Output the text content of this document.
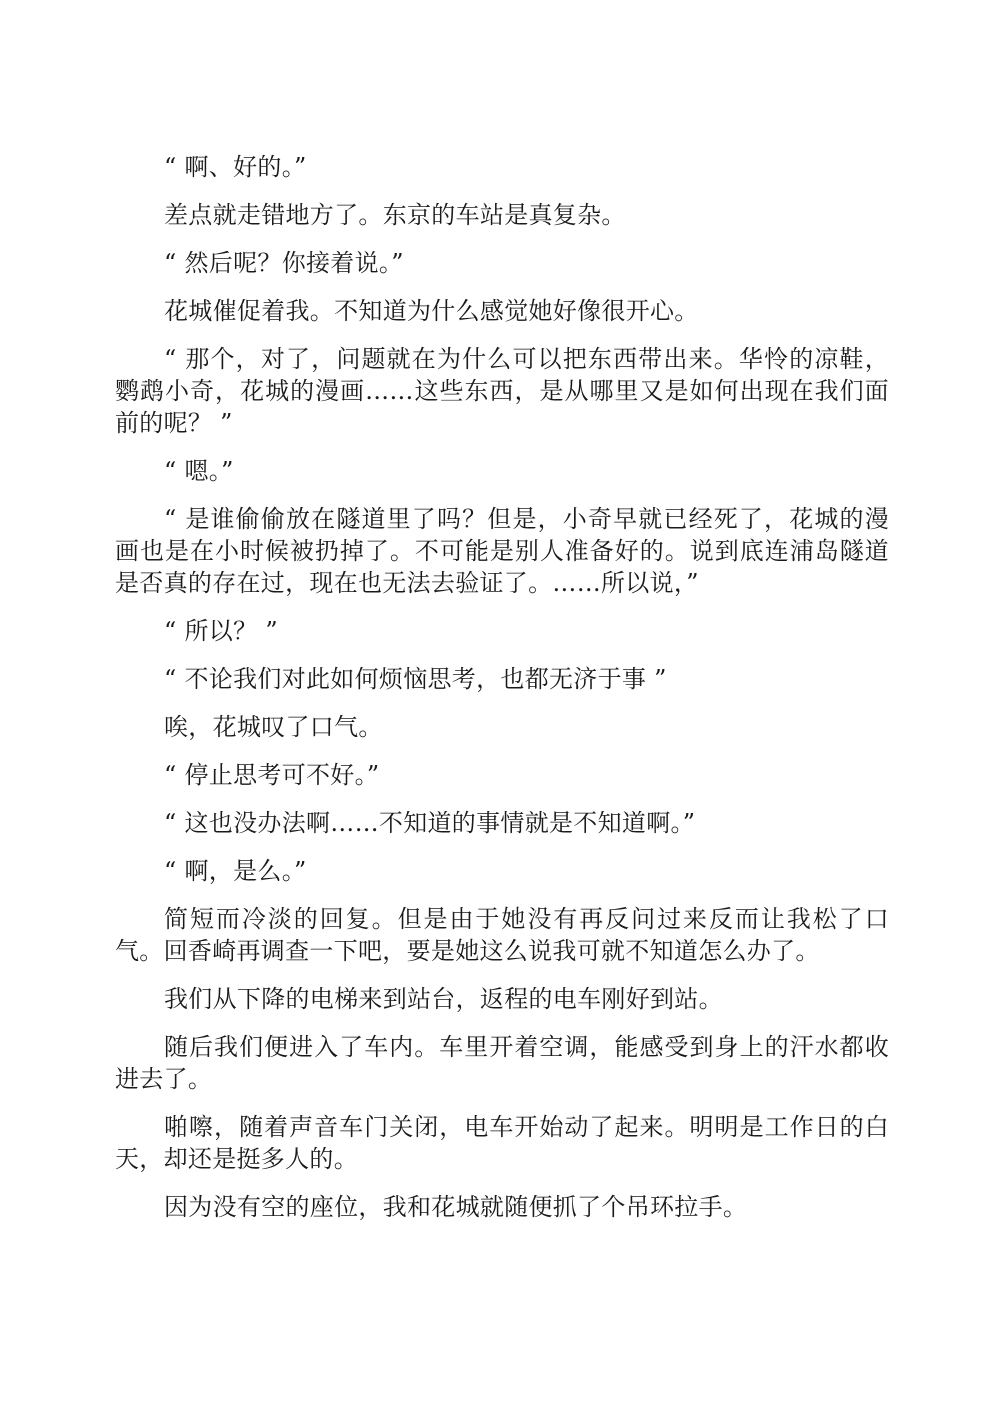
“ 啊、好的。”

差点就走错地方了。东京的车站是真复杂。

“ 然后呢？你接着说。”

花城催促着我。不知道为什么感觉她好像很开心。

“ 那个，对了，问题就在为什么可以把东西带出来。华怜的凉鞋，鹦鹉小奇，花城的漫画……这些东西，是从哪里又是如何出现在我们面前的呢？ ”

“ 嗯。”

“ 是谁偷偷放在隧道里了吗？但是，小奇早就已经死了，花城的漫画也是在小时候被扔掉了。不可能是别人准备好的。说到底连浦岛隧道是否真的存在过，现在也无法去验证了。……所以说，”

“ 所以？ ”

“ 不论我们对此如何烦恼思考，也都无济于事 ”

唉，花城叹了口气。

“ 停止思考可不好。”

“ 这也没办法啊……不知道的事情就是不知道啊。”

“ 啊，是么。”

简短而冷淡的回复。但是由于她没有再反问过来反而让我松了口气。回香崎再调查一下吧，要是她这么说我可就不知道怎么办了。

我们从下降的电梯来到站台，返程的电车刚好到站。

随后我们便进入了车内。车里开着空调，能感受到身上的汗水都收进去了。

啪嚓，随着声音车门关闭，电车开始动了起来。明明是工作日的白天，却还是挺多人的。

因为没有空的座位，我和花城就随便抓了个吊环拉手。
